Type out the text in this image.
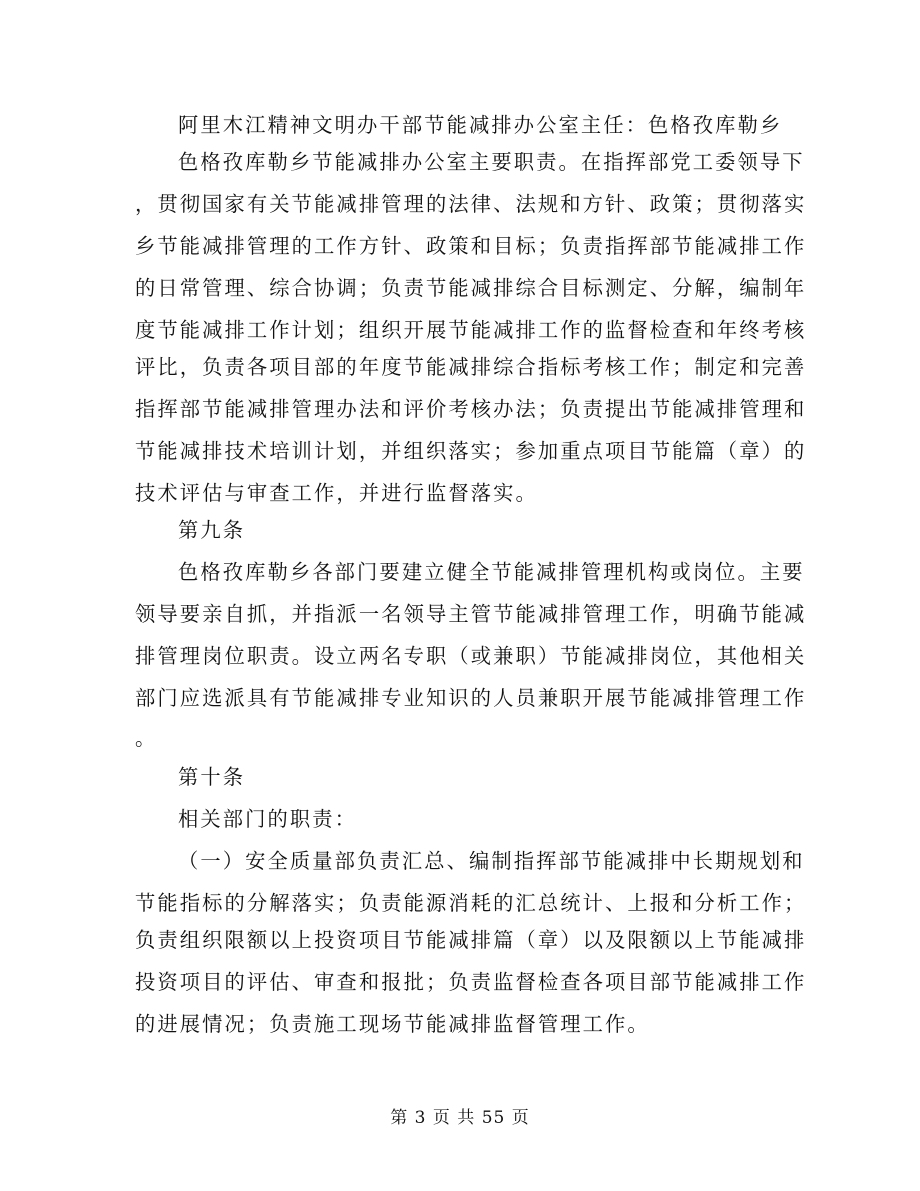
阿里木江精神文明办干部节能减排办公室主任：色格孜库勒乡
色格孜库勒乡节能减排办公室主要职责。在指挥部党工委领导下
，贯彻国家有关节能减排管理的法律、法规和方针、政策；贯彻落实
乡节能减排管理的工作方针、政策和目标；负责指挥部节能减排工作
的日常管理、综合协调；负责节能减排综合目标测定、分解，编制年
度节能减排工作计划；组织开展节能减排工作的监督检查和年终考核
评比，负责各项目部的年度节能减排综合指标考核工作；制定和完善
指挥部节能减排管理办法和评价考核办法；负责提出节能减排管理和
节能减排技术培训计划，并组织落实；参加重点项目节能篇（章）的
技术评估与审查工作，并进行监督落实。
第九条
色格孜库勒乡各部门要建立健全节能减排管理机构或岗位。主要
领导要亲自抓，并指派一名领导主管节能减排管理工作，明确节能减
排管理岗位职责。设立两名专职（或兼职）节能减排岗位，其他相关
部门应选派具有节能减排专业知识的人员兼职开展节能减排管理工作
。
第十条
相关部门的职责：
（一）安全质量部负责汇总、编制指挥部节能减排中长期规划和
节能指标的分解落实；负责能源消耗的汇总统计、上报和分析工作；
负责组织限额以上投资项目节能减排篇（章）以及限额以上节能减排
投资项目的评估、审查和报批；负责监督检查各项目部节能减排工作
的进展情况；负责施工现场节能减排监督管理工作。
第 3 页 共 55 页
